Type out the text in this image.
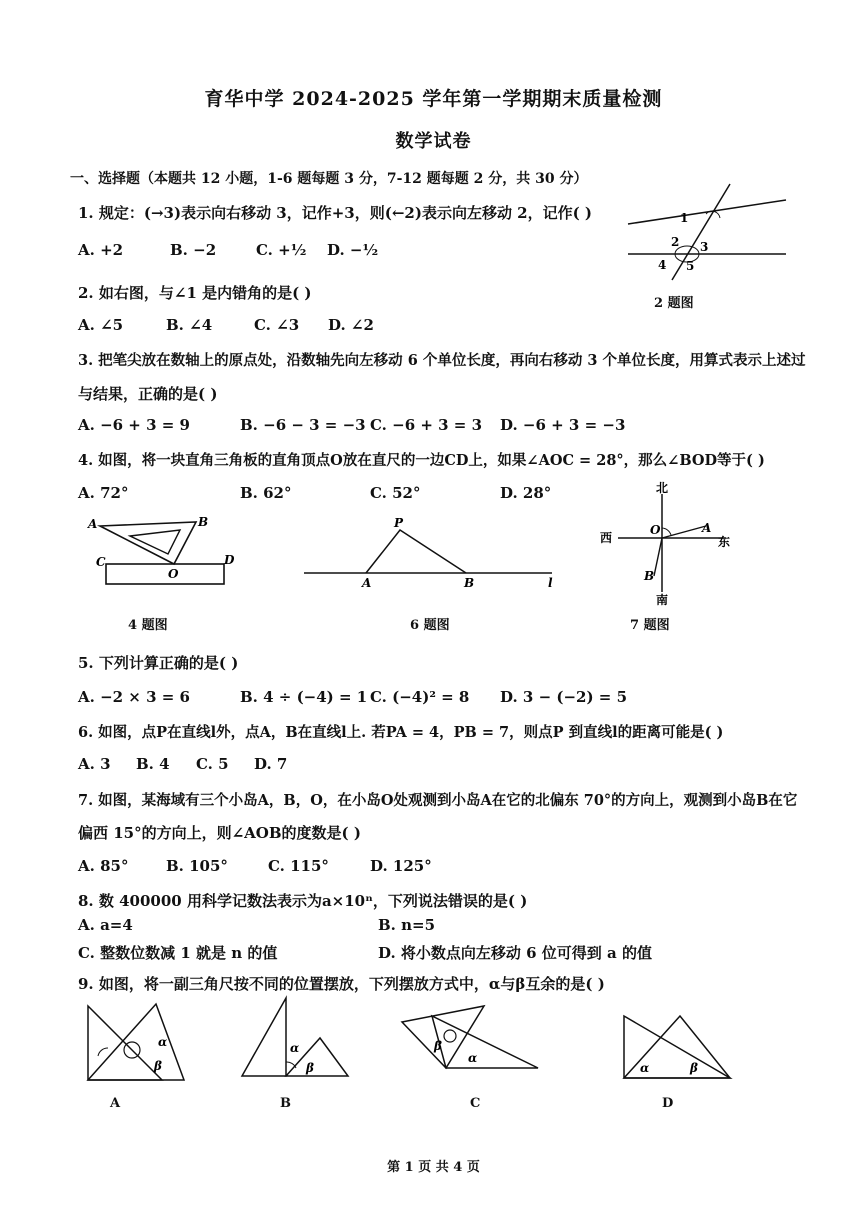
育华中学 2024-2025 学年第一学期期末质量检测
数学试卷
一、选择题（本题共 12 小题，1-6 题每题 3 分，7-12 题每题 2 分，共 30 分）
1. 规定：(→3)表示向右移动 3，记作+3，则(←2)表示向左移动 2，记作( )
A. +2	B. −2	C. +½ D. −½
1
2 3
4 5
2 题图
2. 如右图，与∠1 是内错角的是( )
A. ∠5	B. ∠4	C. ∠3 D. ∠2
3. 把笔尖放在数轴上的原点处，沿数轴先向左移动 6 个单位长度，再向右移动 3 个单位长度，用算式表示上述过
与结果，正确的是( )
A. −6 + 3 = 9	B. −6 − 3 = −3 C. −6 + 3 = 3 D. −6 + 3 = −3
4. 如图，将一块直角三角板的直角顶点O放在直尺的一边CD上，如果∠AOC = 28°，那么∠BOD等于( )
A. 72°	B. 62°	C. 52°	D. 28°
A	B
C
O
D
4 题图
P
A	B	l
6 题图
北
西
O	A
东
B
南
7 题图
5. 下列计算正确的是( )
A. −2 × 3 = 6	B. 4 ÷ (−4) = 1 C. (−4)² = 8 D. 3 − (−2) = 5
6. 如图，点P在直线l外，点A，B在直线l上. 若PA = 4，PB = 7，则点P 到直线l的距离可能是( )
A. 3 B. 4 C. 5 D. 7
7. 如图，某海域有三个小岛A，B，O，在小岛O处观测到小岛A在它的北偏东 70°的方向上，观测到小岛B在它
偏西 15°的方向上，则∠AOB的度数是( )
A. 85°	B. 105°	C. 115°	D. 125°
8. 数 400000 用科学记数法表示为a×10ⁿ，下列说法错误的是( )
A. a=4	B. n=5
C. 整数位数减 1 就是 n 的值	D. 将小数点向左移动 6 位可得到 a 的值
9. 如图，将一副三角尺按不同的位置摆放，下列摆放方式中，α与β互余的是( )
α
β
A
α
β
B
β
α
C
α	β
D
第 1 页 共 4 页
